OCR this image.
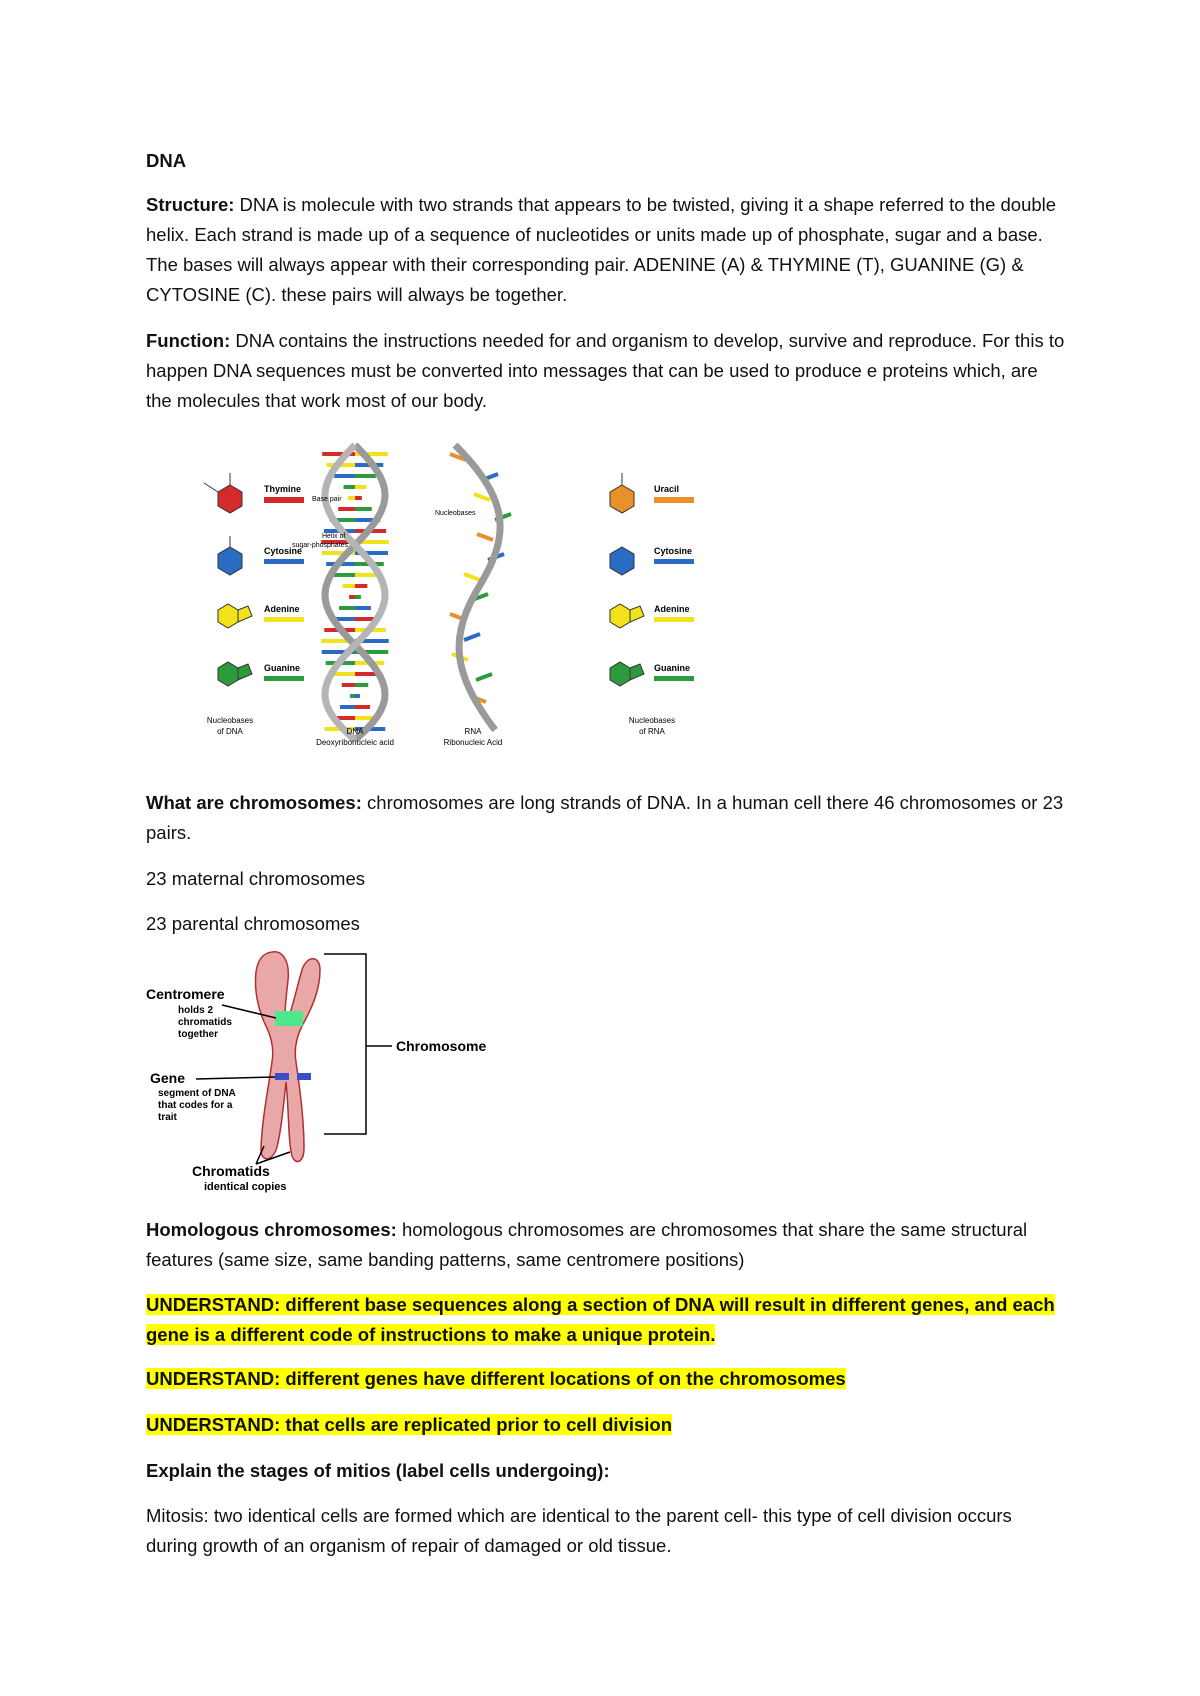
DNA

Structure: DNA is molecule with two strands that appears to be twisted, giving it a shape referred to the double helix. Each strand is made up of a sequence of nucleotides or units made up of phosphate, sugar and a base. The bases will always appear with their corresponding pair. ADENINE (A) & THYMINE (T), GUANINE (G) & CYTOSINE (C). these pairs will always be together.

Function: DNA contains the instructions needed for and organism to develop, survive and reproduce. For this to happen DNA sequences must be converted into messages that can be used to produce e proteins which, are the molecules that work most of our body.

Thymine
Cytosine
Adenine
Guanine
Nucleobases
of DNA
Base pair
Helix of
sugar-phosphates
DNA
Deoxyribonucleic acid
Nucleobases
RNA
Ribonucleic Acid
Uracil
Cytosine
Adenine
Guanine
Nucleobases
of RNA

What are chromosomes: chromosomes are long strands of DNA. In a human cell there 46 chromosomes or 23 pairs.

23 maternal chromosomes

23 parental chromosomes

Centromere
holds 2
chromatids
together
Gene
segment of DNA
that codes for a
trait
Chromosome
Chromatids
identical copies

Homologous chromosomes: homologous chromosomes are chromosomes that share the same structural features (same size, same banding patterns, same centromere positions)

UNDERSTAND: different base sequences along a section of DNA will result in different genes, and each gene is a different code of instructions to make a unique protein.

UNDERSTAND: different genes have different locations of on the chromosomes

UNDERSTAND: that cells are replicated prior to cell division

Explain the stages of mitios (label cells undergoing):

Mitosis: two identical cells are formed which are identical to the parent cell- this type of cell division occurs during growth of an organism of repair of damaged or old tissue.
